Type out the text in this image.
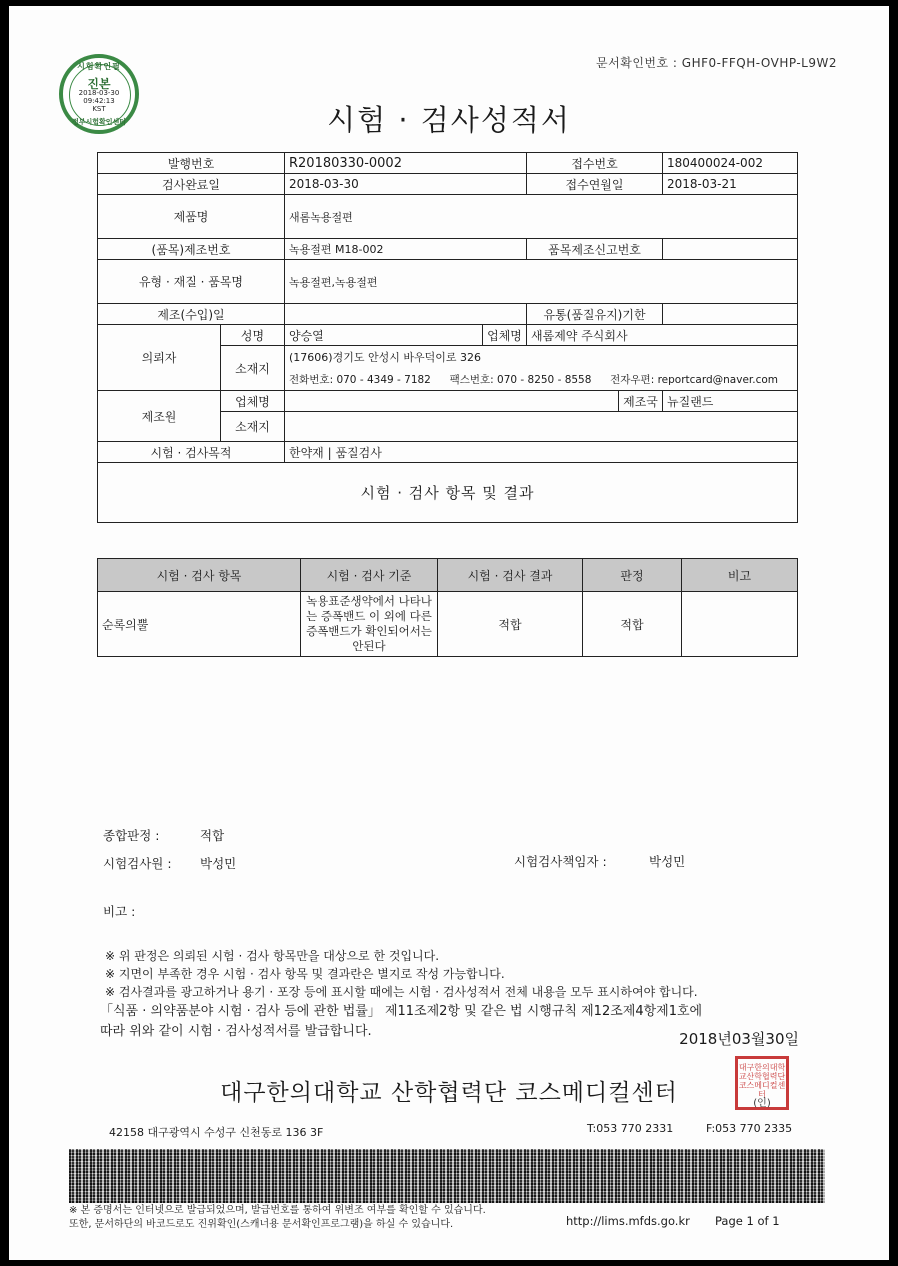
시험확인필
진본
2018-03-30
09:42:13
KST
정부시험확인센터
문서확인번호 : GHF0-FFQH-OVHP-L9W2
시험 · 검사성적서
발행번호		R20180330-0002		접수번호		180400024-002
검사완료일		2018-03-30		접수연월일		2018-03-21
제품명		새롬녹용절편				
(품목)제조번호		녹용절편 M18-002		품목제조신고번호		
유형 · 재질 · 품목명		녹용절편,녹용절편				
제조(수입)일				유통(품질유지)기한		
의뢰자	성명	양승열	업체명	새롬제약 주식회사		
	소재지	(17606)경기도 안성시 바우덕이로 326				
		전화번호: 070 - 4349 - 7182 팩스번호: 070 - 8250 - 8558 전자우편: reportcard@naver.com				
제조원	업체명				제조국	뉴질랜드
	소재지					
시험 · 검사목적		한약재 | 품질검사				
시험 · 검사 항목 및 결과						
시험 · 검사 항목	시험 · 검사 기준	시험 · 검사 결과	판정	비고
순록의뿔	녹용표준생약에서 나타나는 증폭밴드 이 외에 다른 증폭밴드가 확인되어서는 안된다	적합	적합	
종합판정 :	적합
시험검사원 : 박성민	시험검사책임자 :	박성민
비고 :
※ 위 판정은 의뢰된 시험 · 검사 항목만을 대상으로 한 것입니다.
※ 지면이 부족한 경우 시험 · 검사 항목 및 결과란은 별지로 작성 가능합니다.
※ 검사결과를 광고하거나 용기 · 포장 등에 표시할 때에는 시험 · 검사성적서 전체 내용을 모두 표시하여야 합니다.
「식품 · 의약품분야 시험 · 검사 등에 관한 법률」 제11조제2항 및 같은 법 시행규칙 제12조제4항제1호에
따라 위와 같이 시험 · 검사성적서를 발급합니다.	2018년03월30일
대구한의대학교 산학협력단 코스메디컬센터
대구한의대학교산학협력단코스메디컬센터
(인)
42158 대구광역시 수성구 신천동로 136 3F	T:053 770 2331	F:053 770 2335
※ 본 증명서는 인터넷으로 발급되었으며, 발급번호를 통하여 위변조 여부를 확인할 수 있습니다.
또한, 문서하단의 바코드로도 진위확인(스캐너용 문서확인프로그램)을 하실 수 있습니다.	http://lims.mfds.go.kr Page 1 of 1
